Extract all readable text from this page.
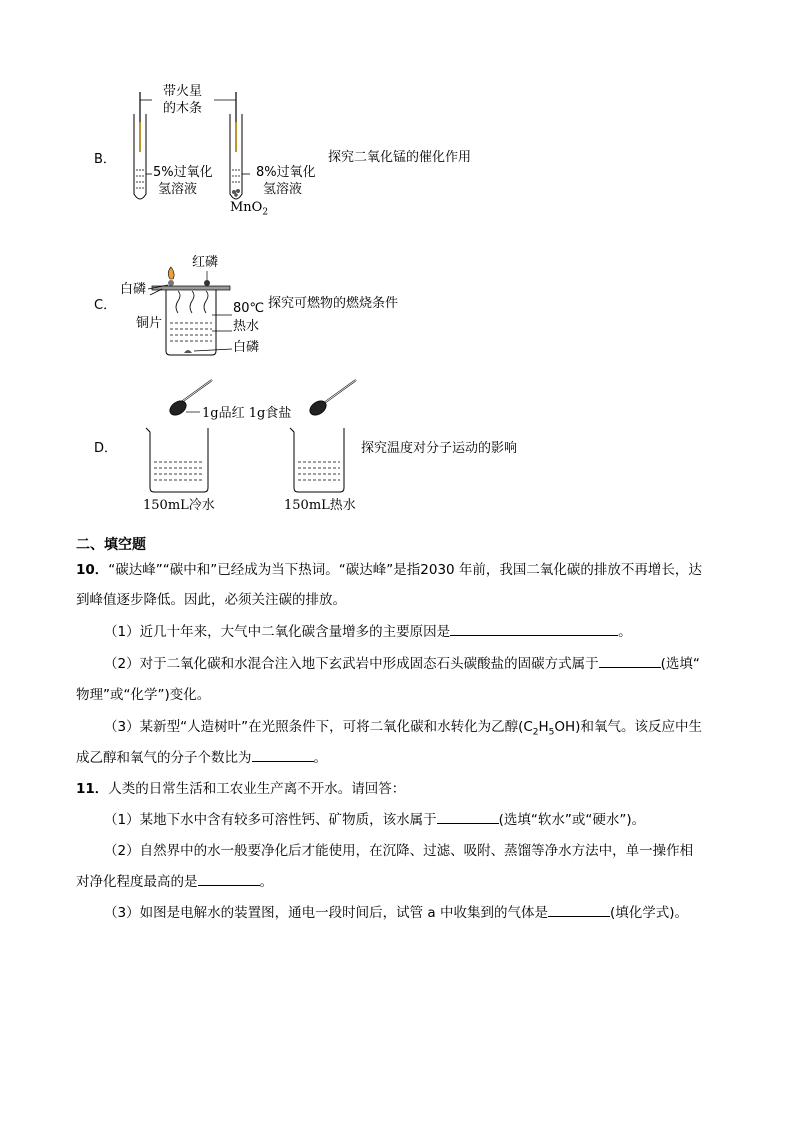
B．
带火星
的木条
5%过氧化
氢溶液
8%过氧化
氢溶液
MnO$_2$
探究二氧化锰的催化作用
C．
红磷
白磷
铜片
80℃
热水
白磷
探究可燃物的燃烧条件
D．
1g品红 1g食盐
150mL冷水	150mL热水
探究温度对分子运动的影响
二、填空题
10．“碳达峰”“碳中和”已经成为当下热词。“碳达峰”是指2030 年前，我国二氧化碳的排放不再增长，达
到峰值逐步降低。因此，必须关注碳的排放。
（1）近几十年来，大气中二氧化碳含量增多的主要原因是	。
（2）对于二氧化碳和水混合注入地下玄武岩中形成固态石头碳酸盐的固碳方式属于	(选填“
物理”或“化学”)变化。
（3）某新型“人造树叶”在光照条件下，可将二氧化碳和水转化为乙醇$(C_2H_5OH)$和氧气。该反应中生
成乙醇和氧气的分子个数比为	。
11．人类的日常生活和工农业生产离不开水。请回答：
（1）某地下水中含有较多可溶性钙、矿物质，该水属于	(选填“软水”或“硬水”)。
（2）自然界中的水一般要净化后才能使用，在沉降、过滤、吸附、蒸馏等净水方法中，单一操作相
对净化程度最高的是	。
（3）如图是电解水的装置图，通电一段时间后，试管 a 中收集到的气体是	(填化学式)。
